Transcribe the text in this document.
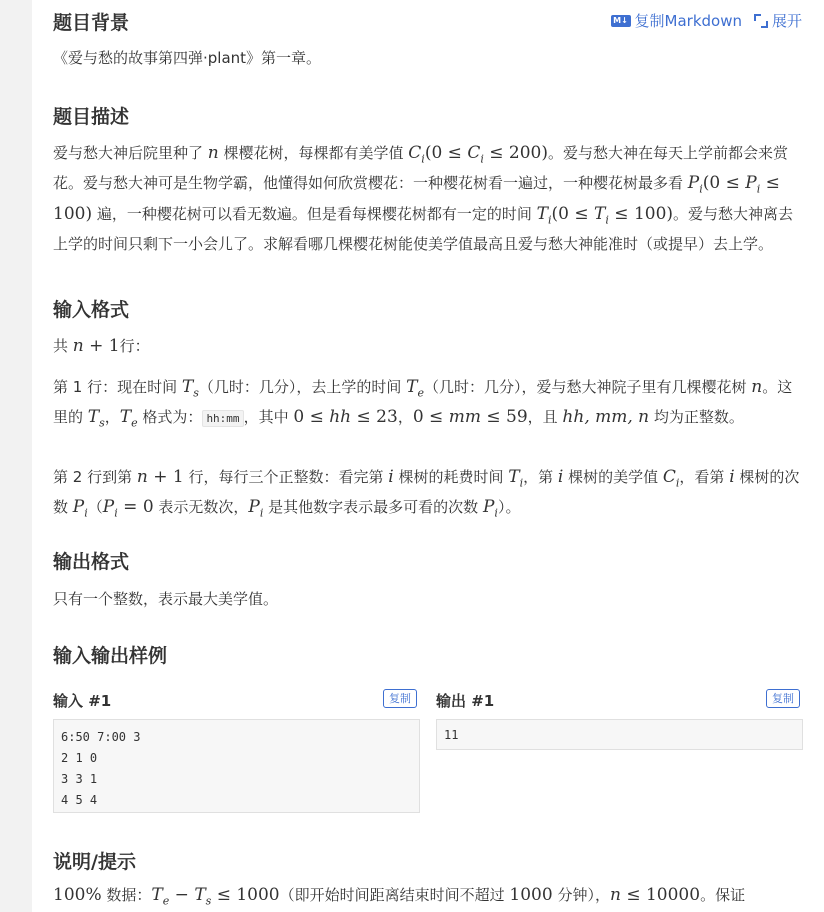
M↓ 复制Markdown 展开
题目背景

《爱与愁的故事第四弹·plant》第一章。

题目描述

爱与愁大神后院里种了 n 棵樱花树，每棵都有美学值 $C_i(0 \le C_i \le 200)$。爱与愁大神在每天上学前都会来赏花。爱与愁大神可是生物学霸，他懂得如何欣赏樱花：一种樱花树看一遍过，一种樱花树最多看 $P_i(0 \le P_i \le 100)$ 遍，一种樱花树可以看无数遍。但是看每棵樱花树都有一定的时间 $T_i(0 \le T_i \le 100)$。爱与愁大神离去上学的时间只剩下一小会儿了。求解看哪几棵樱花树能使美学值最高且爱与愁大神能准时（或提早）去上学。

输入格式

共 n + 1行：

第 1 行：现在时间 $T_s$（几时：几分），去上学的时间 $T_e$（几时：几分），爱与愁大神院子里有几棵樱花树 n。这里的 $T_s$，$T_e$ 格式为： hh:mm ，其中 0 ≤ hh ≤ 23，0 ≤ mm ≤ 59，且 hh, mm, n 均为正整数。

第 2 行到第 n + 1 行，每行三个正整数：看完第 i 棵树的耗费时间 $T_i$，第 i 棵树的美学值 $C_i$，看第 i 棵树的次数 $P_i(P_i = 0$ 表示无数次，$P_i$ 是其他数字表示最多可看的次数 $P_i$）。

输出格式

只有一个整数，表示最大美学值。

输入输出样例
输入 #1	复制
6:50 7:00 3
2 1 0
3 3 1
4 5 4
输出 #1	复制
11
说明/提示

100% 数据：$T_e - T_s \le 1000$（即开始时间距离结束时间不超过 1000 分钟），n ≤ 10000。保证
